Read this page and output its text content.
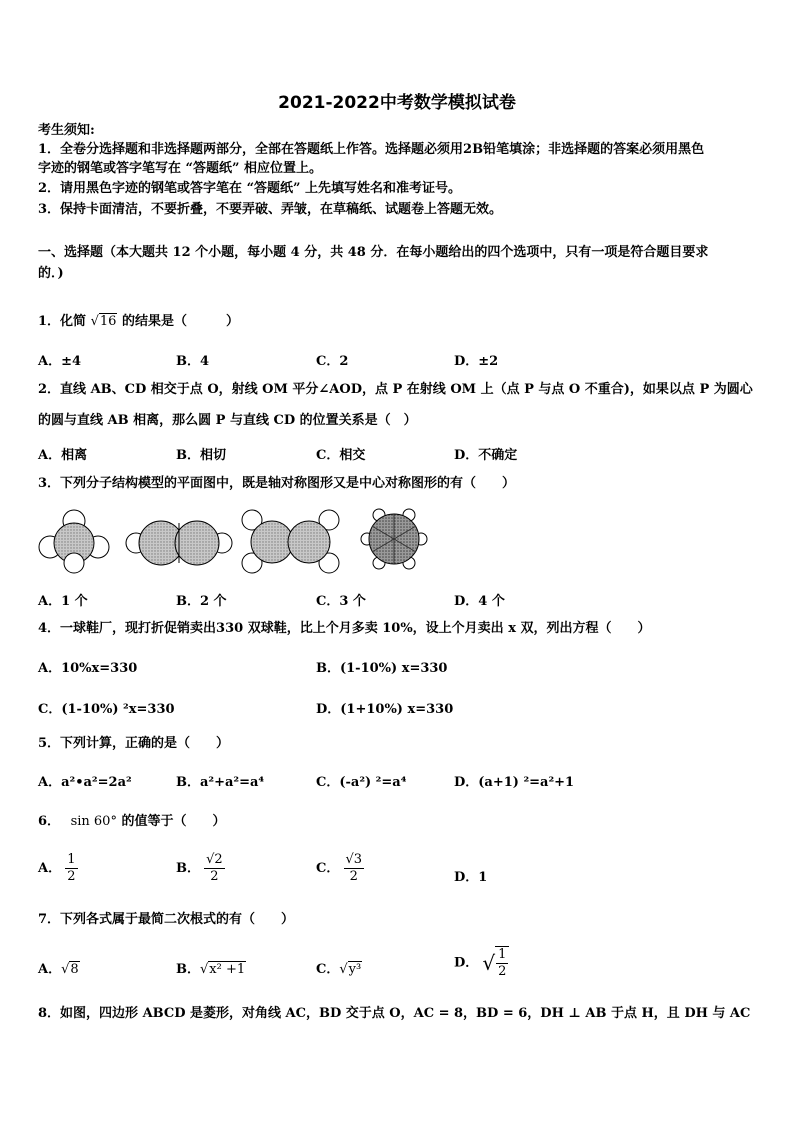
2021-2022中考数学模拟试卷
考生须知:
1．全卷分选择题和非选择题两部分，全部在答题纸上作答。选择题必须用2B铅笔填涂；非选择题的答案必须用黑色
字迹的钢笔或答字笔写在 “答题纸” 相应位置上。
2．请用黑色字迹的钢笔或答字笔在 “答题纸” 上先填写姓名和准考证号。
3．保持卡面清洁，不要折叠，不要弄破、弄皱，在草稿纸、试题卷上答题无效。
一、选择题（本大题共 12 个小题，每小题 4 分，共 48 分．在每小题给出的四个选项中，只有一项是符合题目要求
的．)
1．化简 √16 的结果是（　　　）
A．±4	B．4	C．2	D．±2
2．直线 AB、CD 相交于点 O，射线 OM 平分∠AOD，点 P 在射线 OM 上（点 P 与点 O 不重合)，如果以点 P 为圆心
的圆与直线 AB 相离，那么圆 P 与直线 CD 的位置关系是（　）
A．相离	B．相切	C．相交	D．不确定
3．下列分子结构模型的平面图中，既是轴对称图形又是中心对称图形的有（　　）
A．1 个	B．2 个	C．3 个	D．4 个
4．一球鞋厂，现打折促销卖出330 双球鞋，比上个月多卖 10%，设上个月卖出 x 双，列出方程（　　）
A．10%x=330	B．(1-10%) x=330
C．(1-10%) ²x=330	D．(1+10%) x=330
5．下列计算，正确的是（　　）
A．a²•a²=2a²	B．a²+a²=a⁴	C．(-a²) ²=a⁴	D．(a+1) ²=a²+1
6． sin 60° 的值等于（　　）
A． $\frac{1}{2}$	B． $\frac{√2}{2}$	C． $\frac{√3}{2}$	D．1
7．下列各式属于最简二次根式的有（　　）
A．√8	B．√x² +1	C．√y³	D． √ $\frac{1}{2}$
8．如图，四边形 ABCD 是菱形，对角线 AC，BD 交于点 O，AC = 8，BD = 6，DH ⊥ AB 于点 H，且 DH 与 AC
